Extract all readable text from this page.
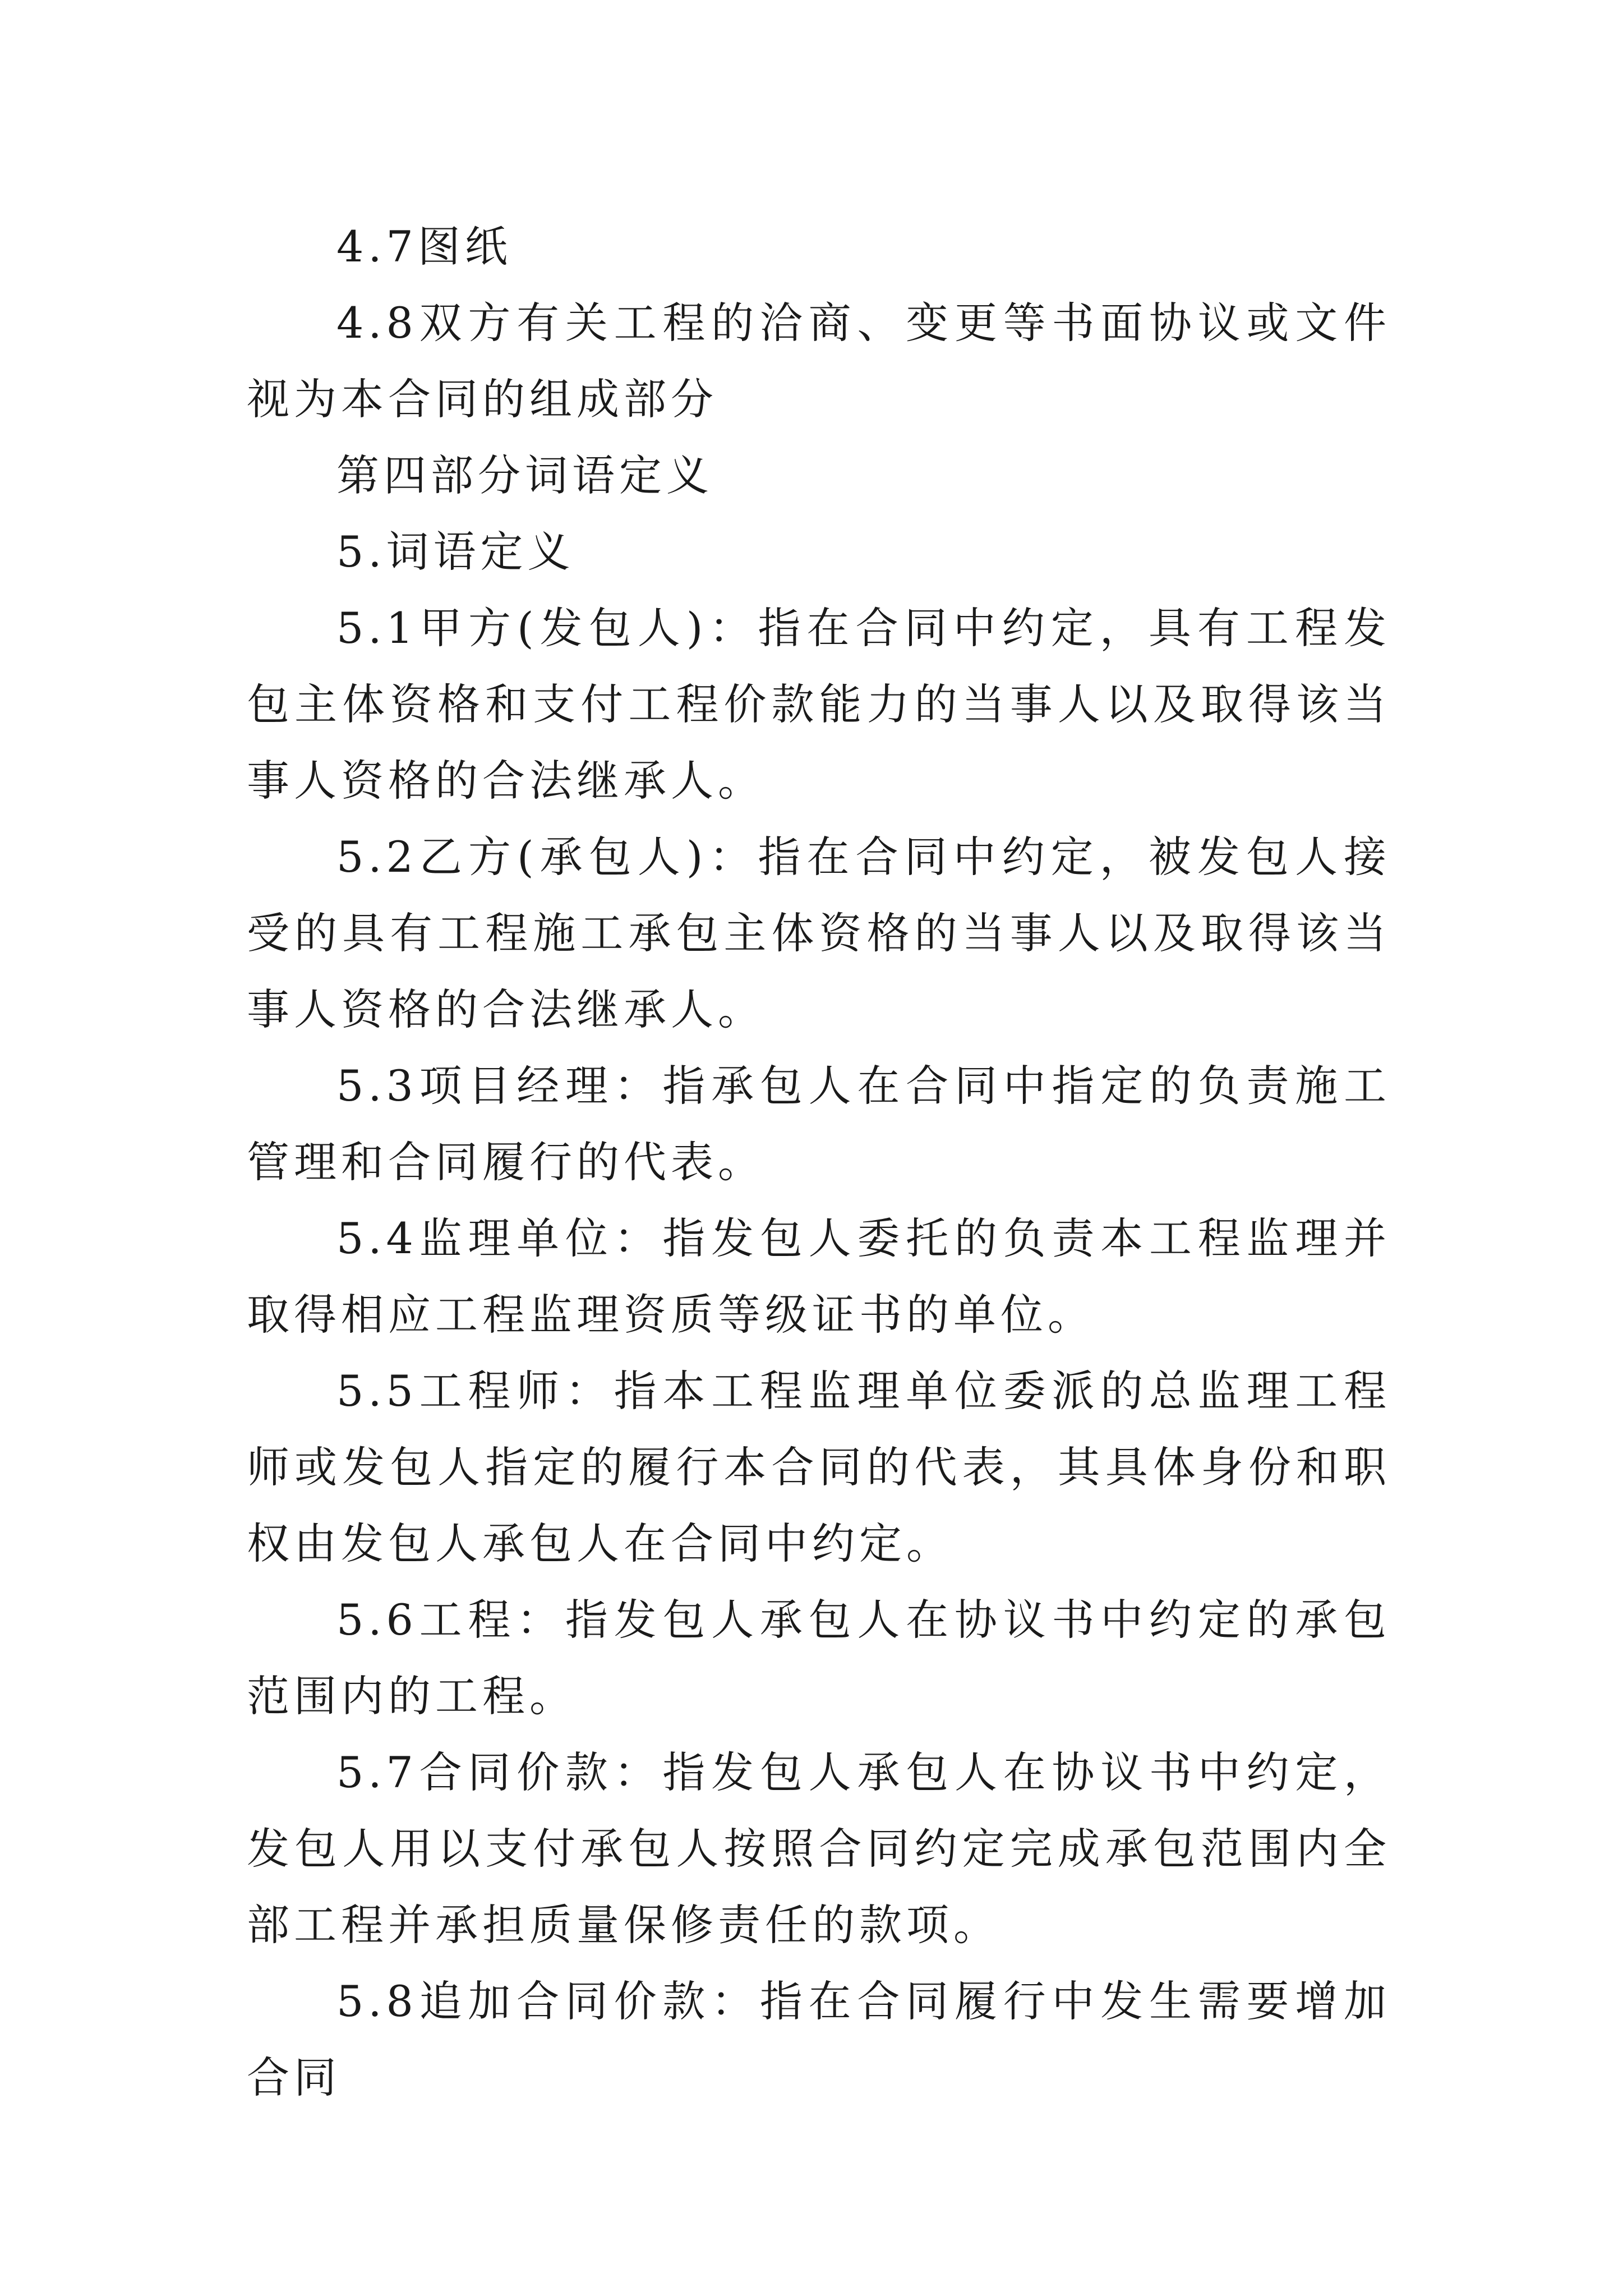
4.7图纸

4.8双方有关工程的洽商、变更等书面协议或文件视为本合同的组成部分

第四部分词语定义

5.词语定义

5.1甲方(发包人)：指在合同中约定，具有工程发包主体资格和支付工程价款能力的当事人以及取得该当事人资格的合法继承人。

5.2乙方(承包人)：指在合同中约定，被发包人接受的具有工程施工承包主体资格的当事人以及取得该当事人资格的合法继承人。

5.3项目经理：指承包人在合同中指定的负责施工管理和合同履行的代表。

5.4监理单位：指发包人委托的负责本工程监理并取得相应工程监理资质等级证书的单位。

5.5工程师：指本工程监理单位委派的总监理工程师或发包人指定的履行本合同的代表，其具体身份和职权由发包人承包人在合同中约定。

5.6工程：指发包人承包人在协议书中约定的承包范围内的工程。

5.7合同价款：指发包人承包人在协议书中约定，发包人用以支付承包人按照合同约定完成承包范围内全部工程并承担质量保修责任的款项。

5.8追加合同价款：指在合同履行中发生需要增加合同
